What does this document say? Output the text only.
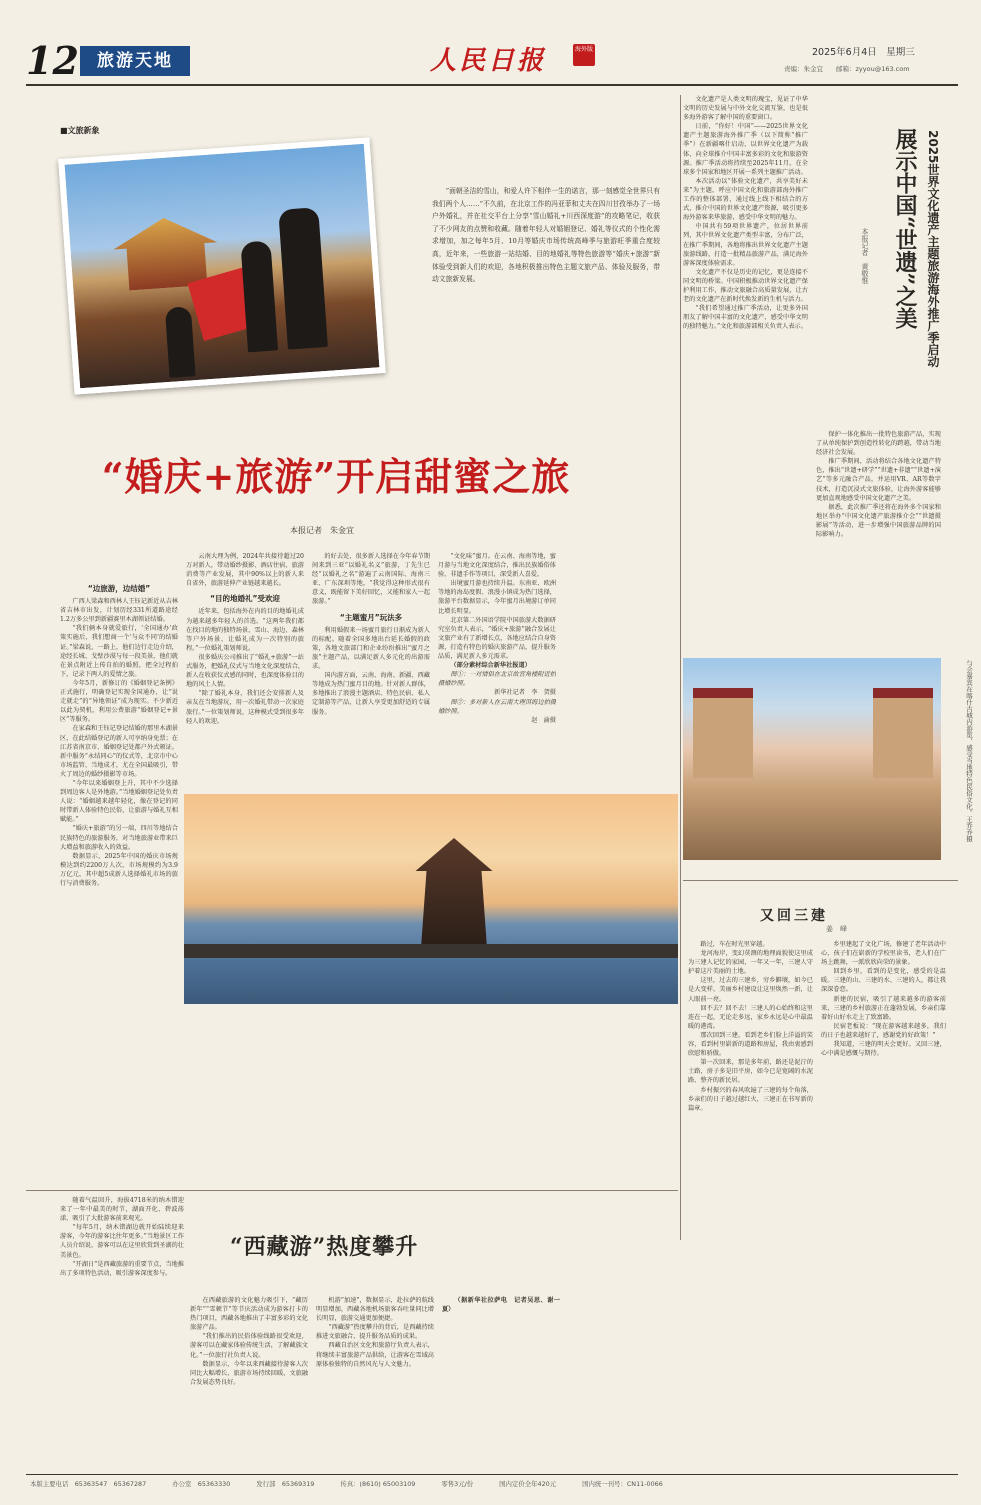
12	旅游天地	人民日报	海外版	2025年6月4日　星期三
责编：朱金宜　　邮箱：zyyou@163.com
■文旅新象

“面朝圣洁的雪山，和爱人许下相伴一生的诺言，那一刻感觉全世界只有我们两个人……”不久前，在北京工作的冯亚菲和丈夫在四川甘孜举办了一场户外婚礼，并在社交平台上分享“雪山婚礼+川西深度游”的攻略笔记，收获了不少网友的点赞和收藏。随着年轻人对婚姻登记、婚礼等仪式的个性化需求增加，加之每年5月、10月等婚庆市场传统高峰季与旅游旺季重合度较高，近年来，一些旅游一站结婚、目的地婚礼等特色旅游等“婚庆+旅游”新体验受到新人们的欢迎，各地积极推出特色主题文旅产品、体验及服务，带动文旅新发展。

“婚庆+旅游”开启甜蜜之旅
本报记者　朱金宜
“边旅游，边结婚”

广西人梁森和西林人王钰记新近从吉林省吉林市出发，计划历经331所道路途经1.2万多公里到新疆赛里木湖领证结婚。

“我们俩本身就爱旅行，‘全国通办’政策实施后，我们想商一个‘与众不同’的结婚证。”梁森说，一路上，他们边行走边介绍，途经长城、戈壁沙漠与每一段美景，他们就在景点附近上传自拍的婚照，把全过程拍下，记录下两人的爱情之旅。

今年5月，新修订的《婚姻登记条例》正式施行，明确登记实现全国通办，让“说走就走”的“异地领证”成为现实。不少新近以此为契机，利用公费旅游“婚姻登记+景区”等服务。

在家森和王钰记登记结婚的那里木湖景区，在此结婚登记的新人可享纳身免票；在江苏省南京市、婚姻登记处都户外式颁证。新中服务“永结同心”的仪式等，北京市中心市场监管、当地成才，尤在全国最吸引，带火了周边的婚纱摄影等市场。

“今年以来婚姻登上升，其中不少选择到周边客人是外地游。”当地婚姻登记处负责人说：“婚姻越来越年轻化，像在登记的同时带新人体验特色民俗，让旅游与婚礼互相赋能。”

“婚庆+旅游”的另一端，四川等地结合民族特色的旅游服务，对当地旅游业带来巨大增益和旅游收入的效益。

数据显示，2025年中国的婚庆市场规模达到约2200万人次，市场规模约为3.9万亿元，其中超5成新人选择婚礼市场的旅行与消费服务。

云南大理为例，2024年共接待超过20万对新人，带动婚纱摄影、酒店住宿、旅游消费等产业发展，其中90%以上的新人来自省外，旅游延伸产业链越来越长。

“目的地婚礼”受欢迎

近年来，包括海外在内的目的地婚礼成为越来越多年轻人的首选。“这两年我们都在找目的地的独特场景，雪山、海边、森林等户外场景，让婚礼成为一次特别的旅程。”一位婚礼策划师说。

很多婚庆公司推出了“婚礼+旅游”一站式服务，把婚礼仪式与当地文化深度结合，新人在收获仪式感的同时，也深度体验目的地的风土人情。

“除了婚礼本身，我们还会安排新人及亲友在当地游玩，用一次婚礼带动一次家庭旅行。”一位策划师说，这种模式受到很多年轻人的欢迎。

的好去处，很多新人选择在今年春节期间来到三亚“以婚礼名义”旅游，丁先生已经“以婚礼之名”游遍了云南国际、海南三亚、广东深圳等地，“我觉得这种形式很有意义，既能留下美好回忆，又能和家人一起旅游。”

“主题蜜月”玩法多

利用婚假来一场蜜月旅行日渐成为新人的标配。随着全国多地出台延长婚假的政策，各地文旅部门和企业纷纷推出“蜜月之旅”主题产品，以满足新人多元化的出游需求。

国内游方面，云南、海南、新疆、西藏等地成为热门蜜月目的地。针对新人群体，多地推出了浪漫主题酒店、特色民宿、私人定制游等产品，让新人享受更加舒适的专属服务。

“文化味”蜜月。在云南、海南等地，蜜月游与当地文化深度结合，推出民族婚俗体验、非遗手作等项目，深受新人喜爱。

出境蜜月游也持续升温。东南亚、欧洲等地的海岛度假、浪漫小镇成为热门选择，旅游平台数据显示，今年蜜月出境游订单同比增长明显。

北京第二外国语学院中国旅游大数据研究室负责人表示，“婚庆+旅游”融合发展让文旅产业有了新增长点，各地应结合自身资源，打造有特色的婚庆旅游产品，提升服务品质，满足新人多元需求。

（部分素材综合新华社报道）

图①：一对情侣在北京故宫角楼附近拍摄婚纱照。

新华社记者　李　贺摄

图②：多对新人在云南大理洱海边拍摄婚纱照。

赵　渝摄

展示中国“世遗”之美 2025世界文化遗产主题旅游海外推广季启动
本报记者　黄敬惟

文化遗产是人类文明的瑰宝，见证了中华文明的历史发展与中外文化交流互鉴，也是很多海外游客了解中国的重要窗口。

日前，“你好！中国”——2025世界文化遗产主题旅游海外推广季（以下简称“推广季”）在新疆喀什启动，以世界文化遗产为载体，向全球推介中国丰富多彩的文化和旅游资源。推广季活动将持续至2025年11月，在全球多个国家和地区开展一系列主题推广活动。

本次活动以“体验文化遗产，共享美好未来”为主题，呼应中国文化和旅游部海外推广工作的整体部署，通过线上线下相结合的方式，推介中国的世界文化遗产资源，吸引更多海外游客来华旅游，感受中华文明的魅力。

中国共有59项世界遗产，位居世界前列，其中世界文化遗产类型丰富，分布广泛，在推广季期间，各地将推出世界文化遗产主题旅游线路，打造一批精品旅游产品，满足海外游客深度体验需求。

文化遗产不仅是历史的记忆，更是连接不同文明的桥梁。中国积极推动世界文化遗产保护利用工作，推动文旅融合高质量发展，让古老的文化遗产在新时代焕发新的生机与活力。

“我们希望通过推广季活动，让更多外国朋友了解中国丰富的文化遗产，感受中华文明的独特魅力。”文化和旅游部相关负责人表示。

保护一体化推出一批特色旅游产品，实现了从单纯保护到创造性转化的跨越，带动当地经济社会发展。

推广季期间，活动将结合各地文化遗产特色，推出“世遗+研学”“世遗+非遗”“世遗+演艺”等多元融合产品，并运用VR、AR等数字技术，打造沉浸式文旅体验，让海外游客能够更加直观地感受中国文化遗产之美。

据悉，此次推广季还将在海外多个国家和地区举办“中国文化遗产旅游推介会”“世遗摄影展”等活动，进一步增强中国旅游品牌的国际影响力。

与会嘉宾在喀什古城内游览，感受当地特色民俗文化。王乔乔摄
又回三建
姜　峰

路过，车在时光里穿越。

龙河海岸，变幻莫测的地理面貌使这里成为三建人记忆的家园，一年又一年，三建人守护着这片美丽的土地。

这里，过去的三建乡，穷乡僻壤，如今已是大变样，美丽乡村建设让这里焕然一新，让人眼前一亮。

回不去？回不去！三建人的心始终和这里连在一起，无论走多远，家乡永远是心中最温暖的港湾。

那次回到三建，看到老乡们脸上洋溢的笑容，看到村里崭新的道路和房屋，我由衷感到欣慰和骄傲。

第一次回来，那是多年前，路还是泥泞的土路，房子多是旧平房，如今已是宽阔的水泥路、整齐的新民居。

乡村振兴的春风吹遍了三建的每个角落，乡亲们的日子越过越红火，三建正在书写新的篇章。

乡里建起了文化广场，修建了老年活动中心，孩子们在崭新的学校里读书，老人们在广场上跳舞，一派欣欣向荣的景象。

回到乡里，看到的是变化，感受的是温暖。三建的山、三建的水、三建的人，都让我深深眷恋。

新建的民宿，吸引了越来越多的游客前来，三建的乡村旅游正在蓬勃发展，乡亲们靠着好山好水走上了致富路。

民宿老板说：“现在游客越来越多，我们的日子也越来越好了，感谢党的好政策！”

我知道，三建的明天会更好。又回三建，心中满是感慨与期待。

“西藏游”热度攀升

随着气温回升，海拔4718米的纳木错迎来了一年中最美的时节，湖面开化、碧波荡漾，吸引了大批游客前来观光。

“每年5月，纳木错湖边就开始陆续迎来游客，今年的游客比往年更多。”当地景区工作人员介绍说，游客可以在这里欣赏到圣湖的壮美景色。

“开湖日”是西藏旅游的重要节点，当地推出了多项特色活动，吸引游客深度参与。

在西藏旅游的文化魅力吸引下，“藏历新年”“雪顿节”等节庆活动成为游客打卡的热门项目，西藏各地推出了丰富多彩的文化旅游产品。

“我们推出的民俗体验线路很受欢迎，游客可以在藏家体验传统生活，了解藏族文化。”一位旅行社负责人说。

数据显示，今年以来西藏接待游客人次同比大幅增长，旅游市场持续回暖，文旅融合发展态势良好。

机游“加速”，数据显示，赴拉萨的航线明显增加，西藏各地机场旅客吞吐量同比增长明显，旅游交通更加便捷。

“西藏游”热度攀升的背后，是西藏持续推进文旅融合、提升服务品质的成果。

西藏自治区文化和旅游厅负责人表示，将继续丰富旅游产品供给，让游客在雪域高原体验独特的自然风光与人文魅力。

（据新华社拉萨电　记者吴思、谢一夏）

本版主要电话　65363547　65367287	办公室　65363330	发行部　65369319	传真：(8610) 65003109	零售3元/份	国内定价全年420元	国内统一刊号：CN11-0066
